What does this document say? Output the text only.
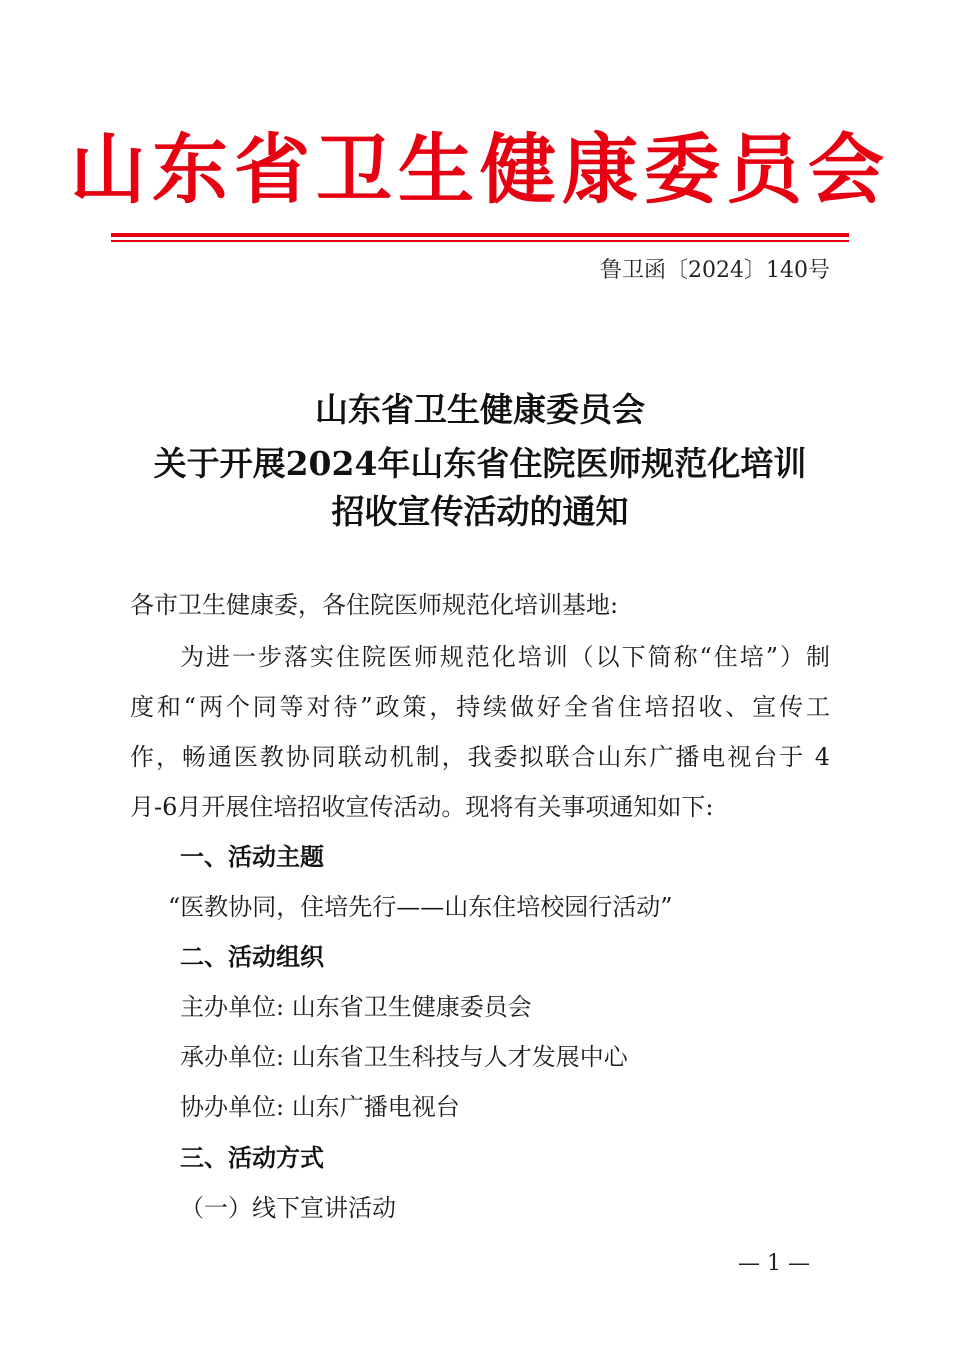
山东省卫生健康委员会
鲁卫函〔2024〕140号
山东省卫生健康委员会
关于开展2024年山东省住院医师规范化培训
招收宣传活动的通知
各市卫生健康委，各住院医师规范化培训基地:
为进一步落实住院医师规范化培训（以下简称“住培”）制
度和“两个同等对待”政策，持续做好全省住培招收、宣传工
作，畅通医教协同联动机制，我委拟联合山东广播电视台于 4
月-6月开展住培招收宣传活动。现将有关事项通知如下:
一、活动主题
“医教协同，住培先行——山东住培校园行活动”
二、活动组织
主办单位: 山东省卫生健康委员会
承办单位: 山东省卫生科技与人才发展中心
协办单位: 山东广播电视台
三、活动方式
（一）线下宣讲活动
— 1 —
